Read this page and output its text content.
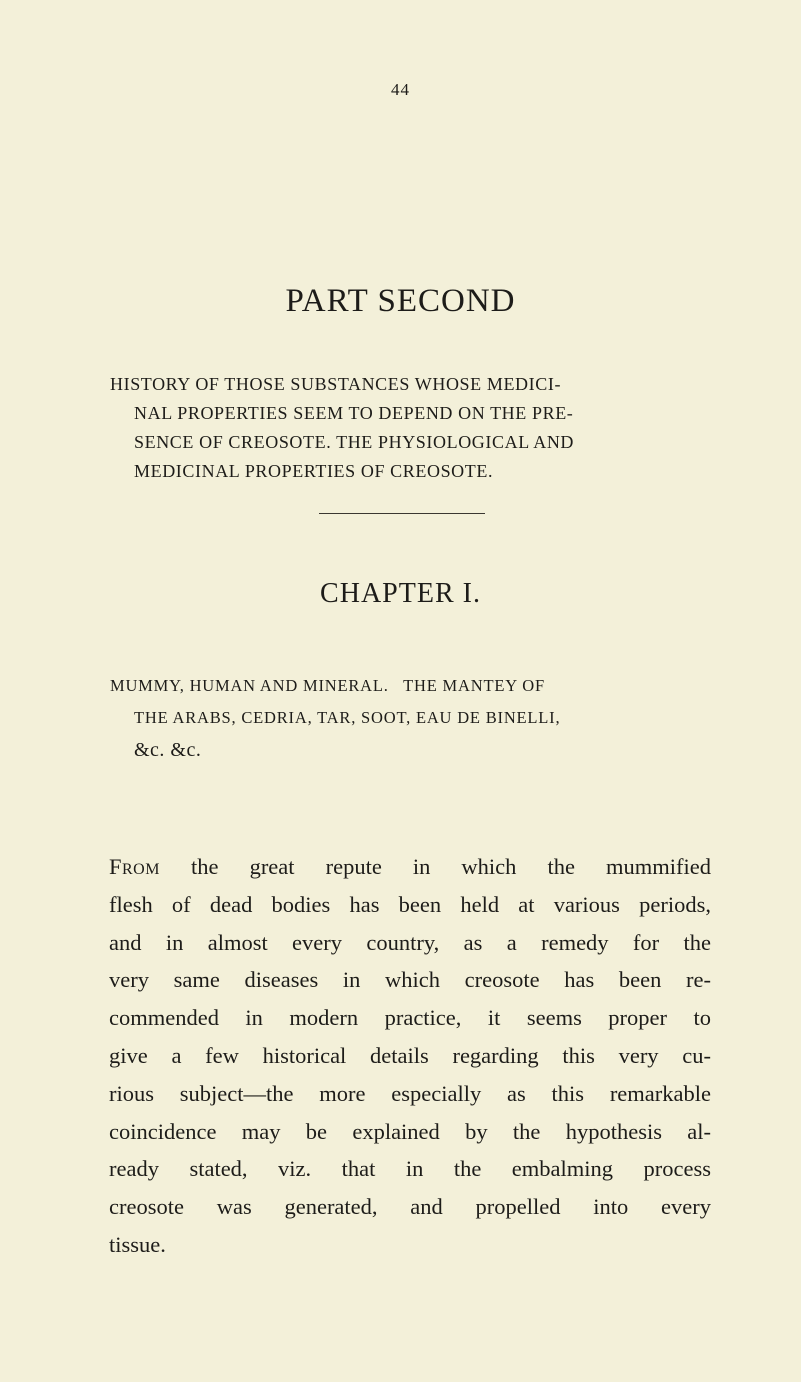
44
PART SECOND
HISTORY OF THOSE SUBSTANCES WHOSE MEDICI-
NAL PROPERTIES SEEM TO DEPEND ON THE PRE-
SENCE OF CREOSOTE. THE PHYSIOLOGICAL AND
MEDICINAL PROPERTIES OF CREOSOTE.
CHAPTER I.
MUMMY, HUMAN AND MINERAL.   THE MANTEY OF
THE ARABS, CEDRIA, TAR, SOOT, EAU DE BINELLI,
&c. &c.
From the great repute in which the mummified
flesh of dead bodies has been held at various periods,
and in almost every country, as a remedy for the
very same diseases in which creosote has been re-
commended in modern practice, it seems proper to
give a few historical details regarding this very cu-
rious subject—the more especially as this remarkable
coincidence may be explained by the hypothesis al-
ready stated, viz. that in the embalming process
creosote was generated, and propelled into every
tissue.
